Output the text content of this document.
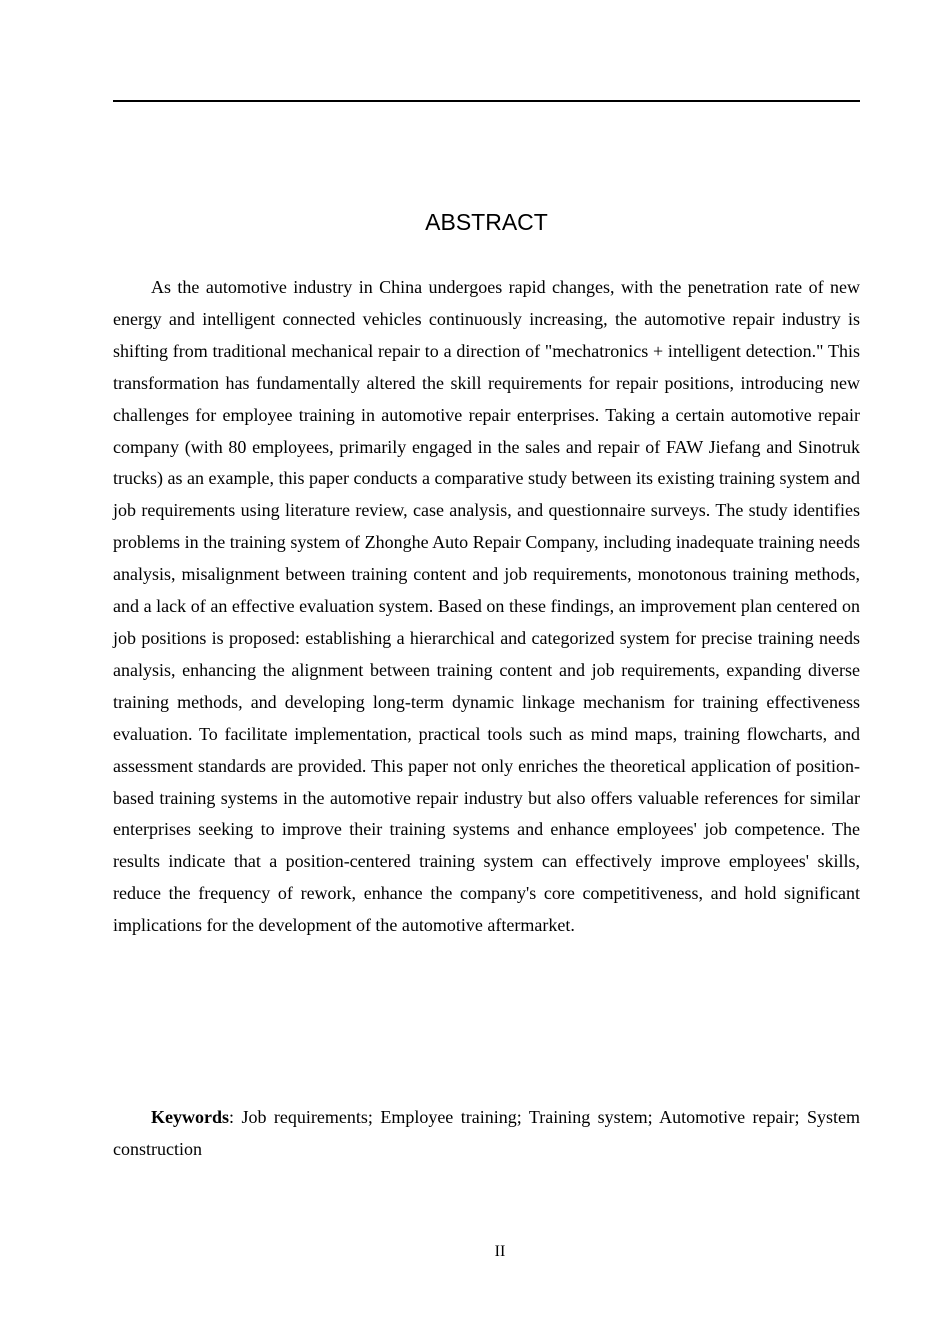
ABSTRACT

As the automotive industry in China undergoes rapid changes, with the penetration rate of new energy and intelligent connected vehicles continuously increasing, the automotive repair industry is shifting from traditional mechanical repair to a direction of "mechatronics + intelligent detection." This transformation has fundamentally altered the skill requirements for repair positions, introducing new challenges for employee training in automotive repair enterprises. Taking a certain automotive repair company (with 80 employees, primarily engaged in the sales and repair of FAW Jiefang and Sinotruk trucks) as an example, this paper conducts a comparative study between its existing training system and job requirements using literature review, case analysis, and questionnaire surveys. The study identifies problems in the training system of Zhonghe Auto Repair Company, including inadequate training needs analysis, misalignment between training content and job requirements, monotonous training methods, and a lack of an effective evaluation system. Based on these findings, an improvement plan centered on job positions is proposed: establishing a hierarchical and categorized system for precise training needs analysis, enhancing the alignment between training content and job requirements, expanding diverse training methods, and developing long-term dynamic linkage mechanism for training effectiveness evaluation. To facilitate implementation, practical tools such as mind maps, training flowcharts, and assessment standards are provided. This paper not only enriches the theoretical application of position-based training systems in the automotive repair industry but also offers valuable references for similar enterprises seeking to improve their training systems and enhance employees' job competence. The results indicate that a position-centered training system can effectively improve employees' skills, reduce the frequency of rework, enhance the company's core competitiveness, and hold significant implications for the development of the automotive aftermarket.

Keywords: Job requirements; Employee training; Training system; Automotive repair; System construction

II
